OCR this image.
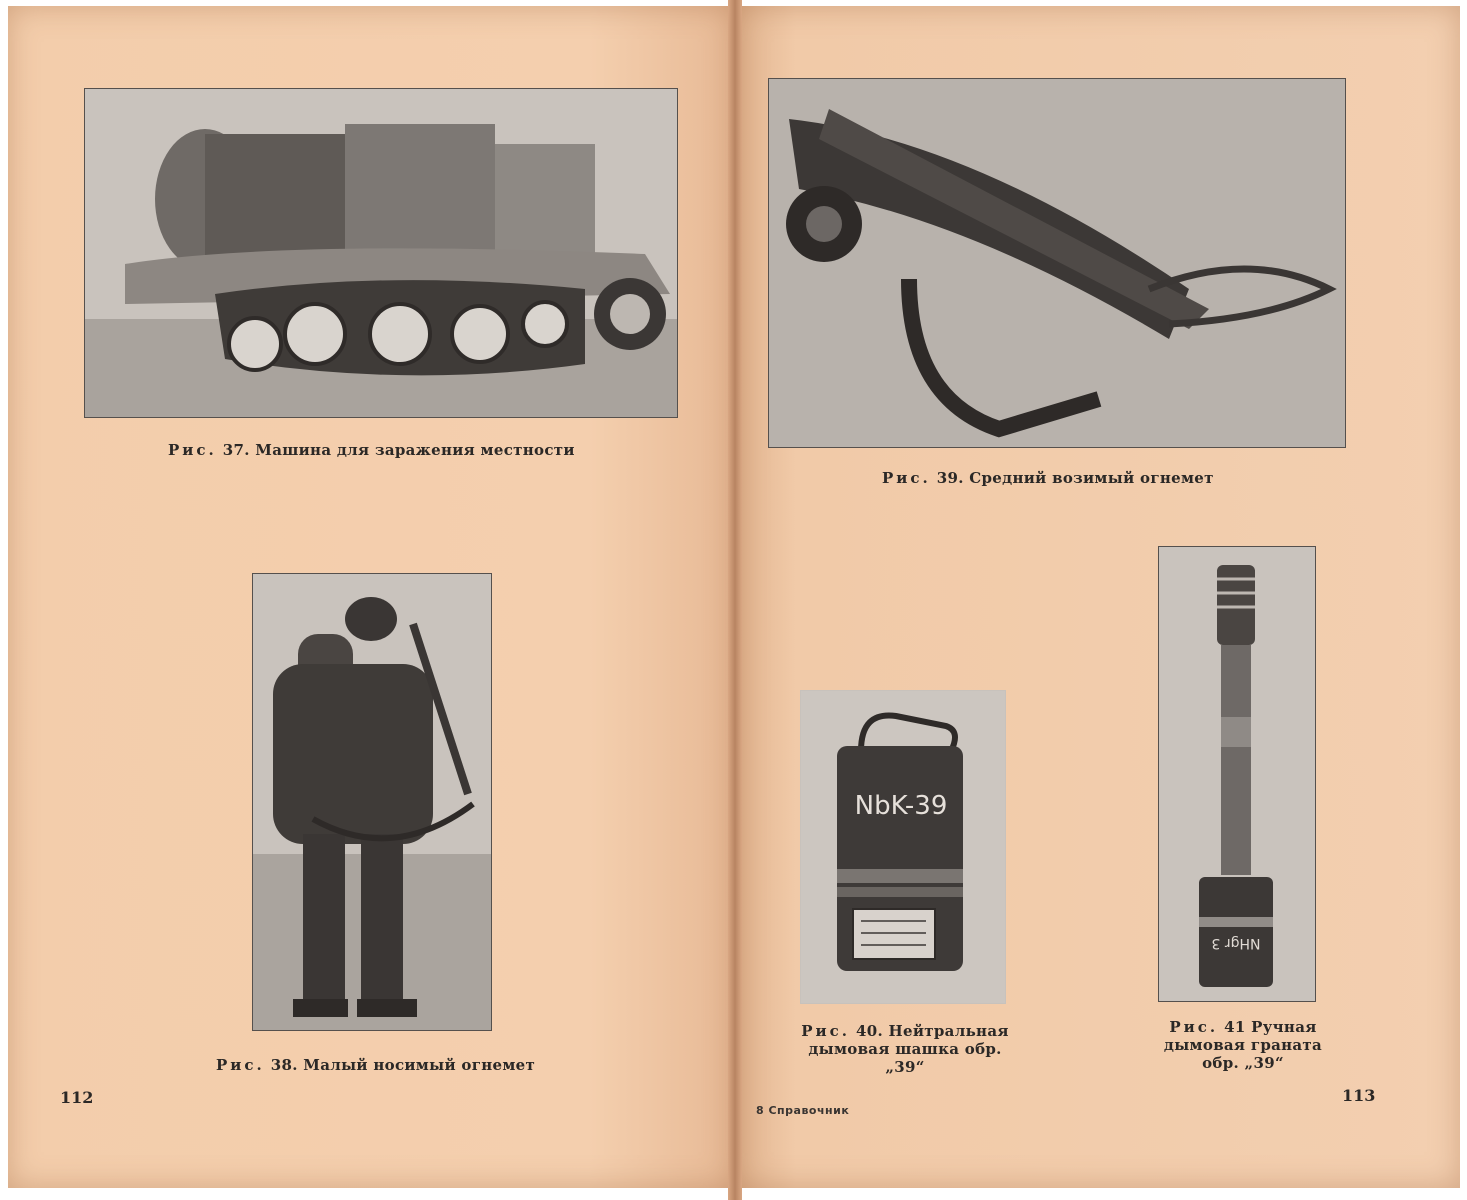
Рис. 37. Машина для заражения местности
Рис. 38. Малый носимый огнемет
112
Рис. 39. Средний возимый огнемет
NbK-39
Рис. 40. Нейтральная
дымовая шашка обр. „39“
NHgr 3
Рис. 41 Ручная
дымовая граната
обр. „39“
8 Справочник
113
